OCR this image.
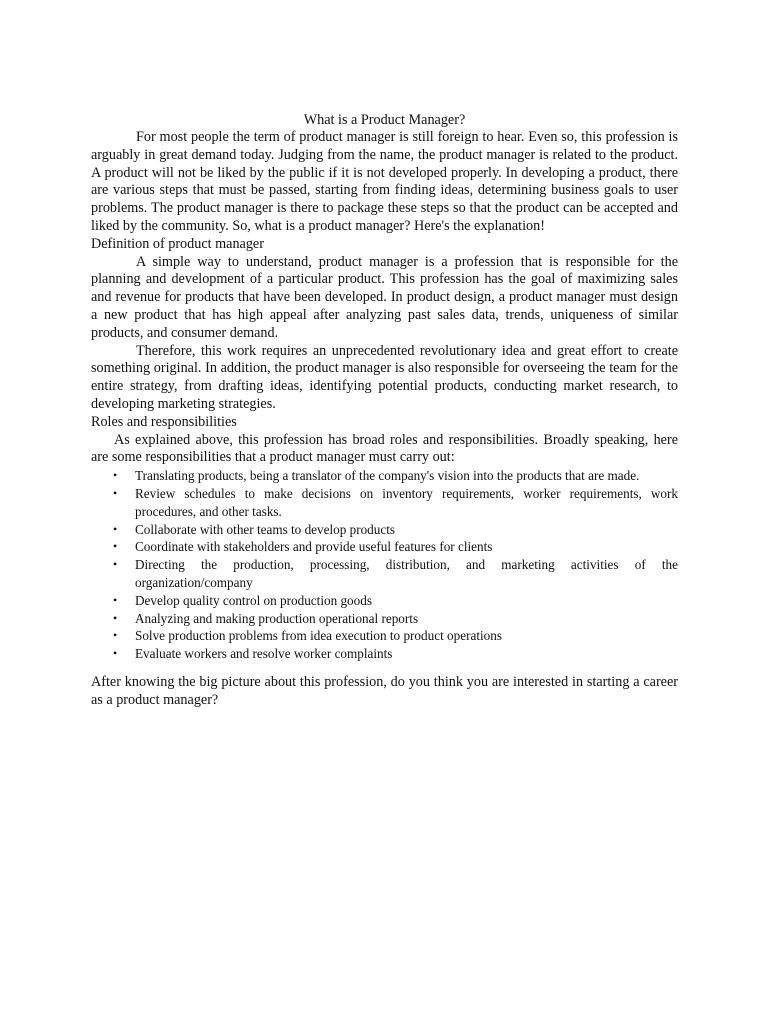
What is a Product Manager?

For most people the term of product manager is still foreign to hear. Even so, this profession is arguably in great demand today. Judging from the name, the product manager is related to the product. A product will not be liked by the public if it is not developed properly. In developing a product, there are various steps that must be passed, starting from finding ideas, determining business goals to user problems. The product manager is there to package these steps so that the product can be accepted and liked by the community. So, what is a product manager? Here's the explanation!

Definition of product manager

A simple way to understand, product manager is a profession that is responsible for the planning and development of a particular product. This profession has the goal of maximizing sales and revenue for products that have been developed. In product design, a product manager must design a new product that has high appeal after analyzing past sales data, trends, uniqueness of similar products, and consumer demand.

Therefore, this work requires an unprecedented revolutionary idea and great effort to create something original. In addition, the product manager is also responsible for overseeing the team for the entire strategy, from drafting ideas, identifying potential products, conducting market research, to developing marketing strategies.

Roles and responsibilities

As explained above, this profession has broad roles and responsibilities. Broadly speaking, here are some responsibilities that a product manager must carry out:

• Translating products, being a translator of the company's vision into the products that are made.
• Review schedules to make decisions on inventory requirements, worker requirements, work procedures, and other tasks.
• Collaborate with other teams to develop products
• Coordinate with stakeholders and provide useful features for clients
• Directing the production, processing, distribution, and marketing activities of the organization/company
• Develop quality control on production goods
• Analyzing and making production operational reports
• Solve production problems from idea execution to product operations
• Evaluate workers and resolve worker complaints

After knowing the big picture about this profession, do you think you are interested in starting a career as a product manager?
